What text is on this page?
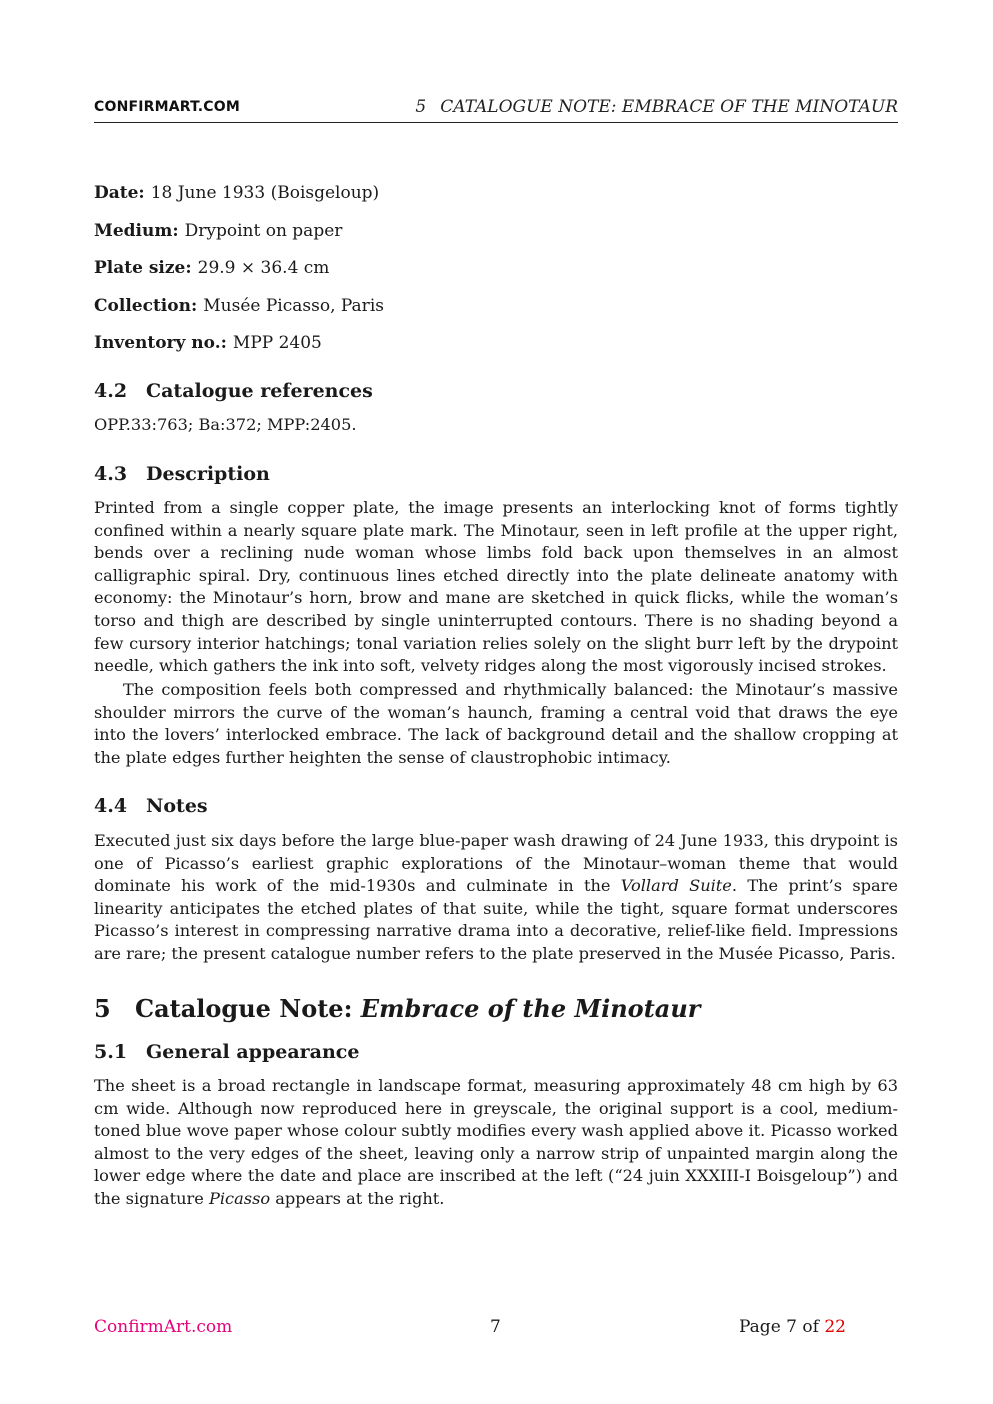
CONFIRMART.COM	5 CATALOGUE NOTE: EMBRACE OF THE MINOTAUR
Date: 18 June 1933 (Boisgeloup)
Medium: Drypoint on paper
Plate size: 29.9 × 36.4 cm
Collection: Musée Picasso, Paris
Inventory no.: MPP 2405
4.2 Catalogue references

OPP.33:763; Ba:372; MPP:2405.

4.3 Description

Printed from a single copper plate, the image presents an interlocking knot of forms tightly confined within a nearly square plate mark. The Minotaur, seen in left profile at the upper right, bends over a reclining nude woman whose limbs fold back upon themselves in an almost calligraphic spiral. Dry, continuous lines etched directly into the plate delineate anatomy with economy: the Minotaur’s horn, brow and mane are sketched in quick flicks, while the woman’s torso and thigh are described by single uninterrupted contours. There is no shading beyond a few cursory interior hatchings; tonal variation relies solely on the slight burr left by the drypoint needle, which gathers the ink into soft, velvety ridges along the most vigorously incised strokes.

The composition feels both compressed and rhythmically balanced: the Minotaur’s massive shoulder mirrors the curve of the woman’s haunch, framing a central void that draws the eye into the lovers’ interlocked embrace. The lack of background detail and the shallow cropping at the plate edges further heighten the sense of claustrophobic intimacy.

4.4 Notes

Executed just six days before the large blue-paper wash drawing of 24 June 1933, this drypoint is one of Picasso’s earliest graphic explorations of the Minotaur–woman theme that would dominate his work of the mid-1930s and culminate in the Vollard Suite. The print’s spare linearity anticipates the etched plates of that suite, while the tight, square format underscores Picasso’s interest in compressing narrative drama into a decorative, relief-like field. Impressions are rare; the present catalogue number refers to the plate preserved in the Musée Picasso, Paris.

5 Catalogue Note: Embrace of the Minotaur
5.1 General appearance

The sheet is a broad rectangle in landscape format, measuring approximately 48 cm high by 63 cm wide. Although now reproduced here in greyscale, the original support is a cool, medium-toned blue wove paper whose colour subtly modifies every wash applied above it. Picasso worked almost to the very edges of the sheet, leaving only a narrow strip of unpainted margin along the lower edge where the date and place are inscribed at the left (“24 juin XXXIII-I Boisgeloup”) and the signature Picasso appears at the right.

ConfirmArt.com	7	Page 7 of 22
